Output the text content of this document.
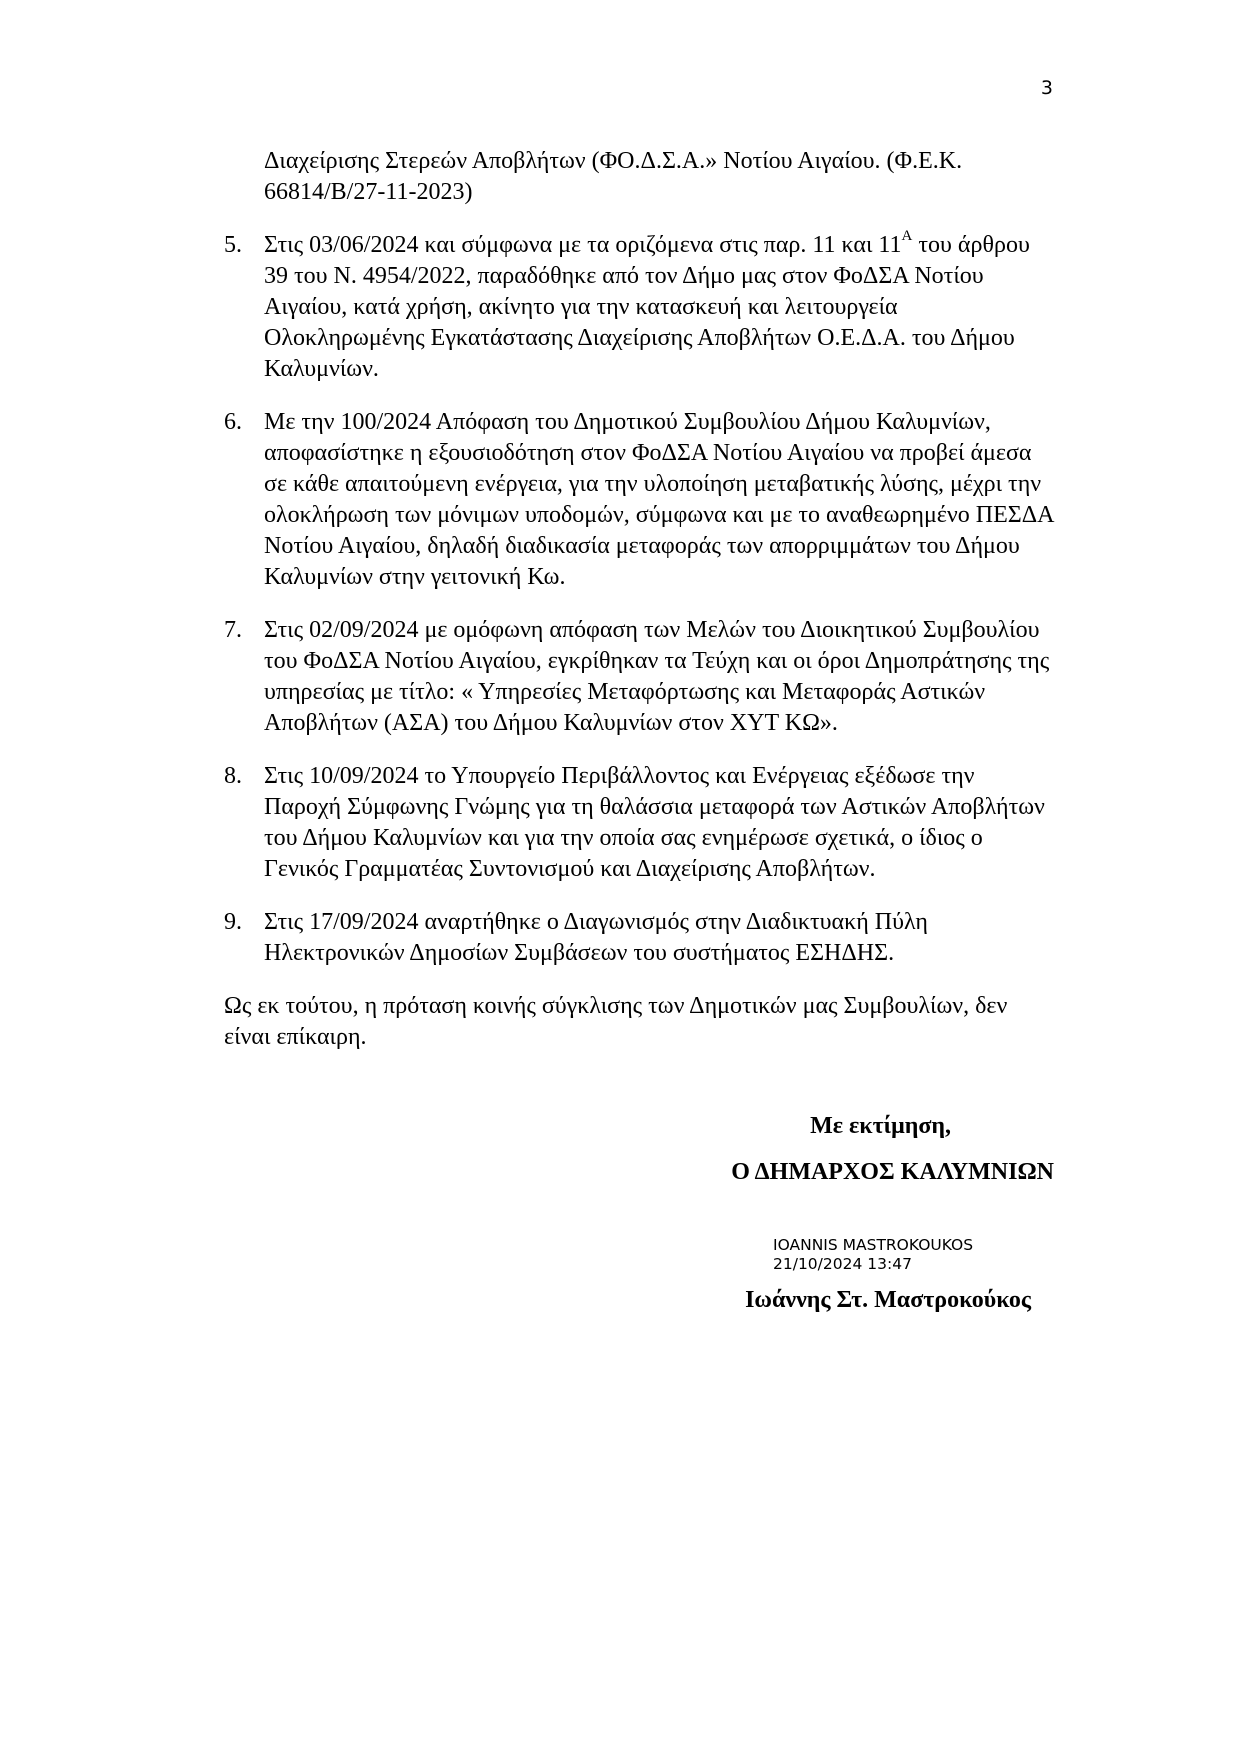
3
Διαχείρισης Στερεών Αποβλήτων (ΦΟ.Δ.Σ.Α.» Νοτίου Αιγαίου. (Φ.Ε.Κ.
66814/Β/27-11-2023)
5. Στις 03/06/2024 και σύμφωνα με τα οριζόμενα στις παρ. 11 και $11^A$ του άρθρου 39 του Ν. 4954/2022, παραδόθηκε από τον Δήμο μας στον ΦοΔΣΑ Νοτίου Αιγαίου, κατά χρήση, ακίνητο για την κατασκευή και λειτουργεία Ολοκληρωμένης Εγκατάστασης Διαχείρισης Αποβλήτων Ο.Ε.Δ.Α. του Δήμου Καλυμνίων.
6. Με την 100/2024 Απόφαση του Δημοτικού Συμβουλίου Δήμου Καλυμνίων, αποφασίστηκε η εξουσιοδότηση στον ΦοΔΣΑ Νοτίου Αιγαίου να προβεί άμεσα σε κάθε απαιτούμενη ενέργεια, για την υλοποίηση μεταβατικής λύσης, μέχρι την ολοκλήρωση των μόνιμων υποδομών, σύμφωνα και με το αναθεωρημένο ΠΕΣΔΑ Νοτίου Αιγαίου, δηλαδή διαδικασία μεταφοράς των απορριμμάτων του Δήμου Καλυμνίων στην γειτονική Κω.
7. Στις 02/09/2024 με ομόφωνη απόφαση των Μελών του Διοικητικού Συμβουλίου του ΦοΔΣΑ Νοτίου Αιγαίου, εγκρίθηκαν τα Τεύχη και οι όροι Δημοπράτησης της υπηρεσίας με τίτλο: « Υπηρεσίες Μεταφόρτωσης και Μεταφοράς Αστικών Αποβλήτων (ΑΣΑ) του Δήμου Καλυμνίων στον ΧΥΤ ΚΩ».
8. Στις 10/09/2024 το Υπουργείο Περιβάλλοντος και Ενέργειας εξέδωσε την Παροχή Σύμφωνης Γνώμης για τη θαλάσσια μεταφορά των Αστικών Αποβλήτων του Δήμου Καλυμνίων και για την οποία σας ενημέρωσε σχετικά, ο ίδιος ο Γενικός Γραμματέας Συντονισμού και Διαχείρισης Αποβλήτων.
9. Στις 17/09/2024 αναρτήθηκε ο Διαγωνισμός στην Διαδικτυακή Πύλη Ηλεκτρονικών Δημοσίων Συμβάσεων του συστήματος ΕΣΗΔΗΣ.

Ως εκ τούτου, η πρόταση κοινής σύγκλισης των Δημοτικών μας Συμβουλίων, δεν είναι επίκαιρη.

Με εκτίμηση,
Ο ΔΗΜΑΡΧΟΣ ΚΑΛΥΜΝΙΩΝ
IOANNIS MASTROKOUKOS
21/10/2024 13:47
Ιωάννης Στ. Μαστροκούκος
